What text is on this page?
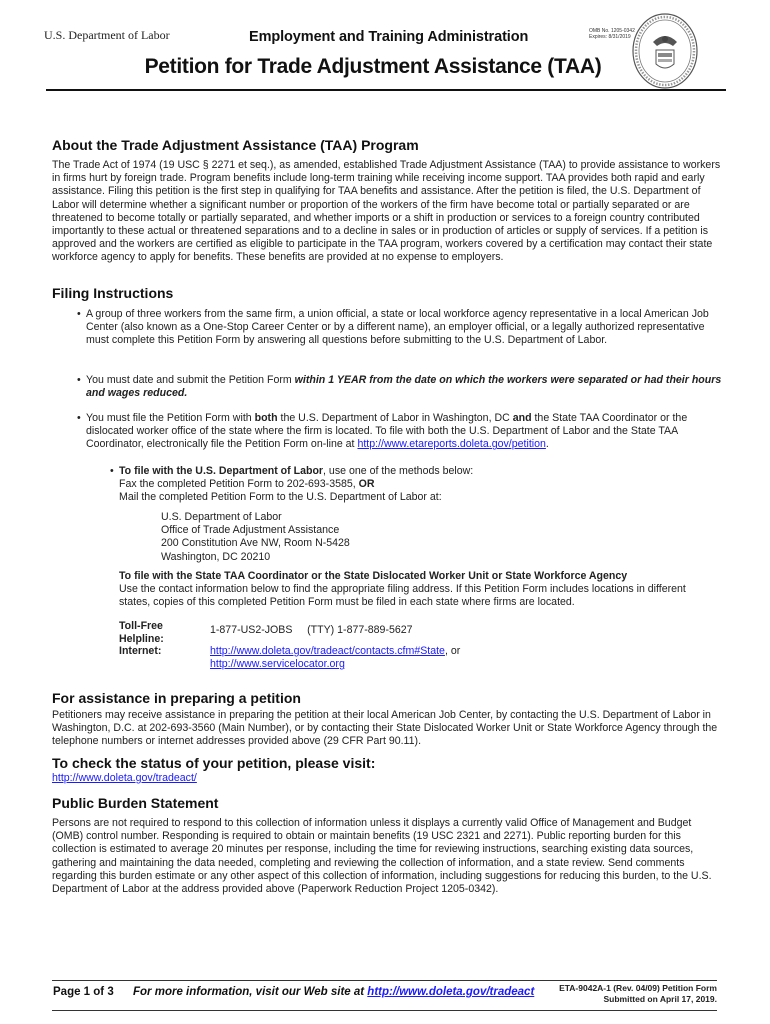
U.S. Department of Labor	Employment and Training Administration	OMB No. 1205-0342
Expires: 8/31/2019
Petition for Trade Adjustment Assistance (TAA)
About the Trade Adjustment Assistance (TAA) Program
The Trade Act of 1974 (19 USC § 2271 et seq.), as amended, established Trade Adjustment Assistance (TAA) to provide assistance to workers in firms hurt by foreign trade. Program benefits include long-term training while receiving income support. TAA provides both rapid and early assistance. Filing this petition is the first step in qualifying for TAA benefits and assistance. After the petition is filed, the U.S. Department of Labor will determine whether a significant number or proportion of the workers of the firm have become total or partially separated or are threatened to become totally or partially separated, and whether imports or a shift in production or services to a foreign country contributed importantly to these actual or threatened separations and to a decline in sales or in production of articles or supply of services. If a petition is approved and the workers are certified as eligible to participate in the TAA program, workers covered by a certification may contact their state workforce agency to apply for benefits. These benefits are provided at no expense to employers.
Filing Instructions
• A group of three workers from the same firm, a union official, a state or local workforce agency representative in a local American Job Center (also known as a One-Stop Career Center or by a different name), an employer official, or a legally authorized representative must complete this Petition Form by answering all questions before submitting to the U.S. Department of Labor.
• You must date and submit the Petition Form within 1 YEAR from the date on which the workers were separated or had their hours and wages reduced.
• You must file the Petition Form with both the U.S. Department of Labor in Washington, DC and the State TAA Coordinator or the dislocated worker office of the state where the firm is located. To file with both the U.S. Department of Labor and the State TAA Coordinator, electronically file the Petition Form on-line at http://www.etareports.doleta.gov/petition.
• To file with the U.S. Department of Labor, use one of the methods below:
Fax the completed Petition Form to 202-693-3585, OR
Mail the completed Petition Form to the U.S. Department of Labor at:
U.S. Department of Labor
Office of Trade Adjustment Assistance
200 Constitution Ave NW, Room N-5428
Washington, DC 20210
To file with the State TAA Coordinator or the State Dislocated Worker Unit or State Workforce Agency
Use the contact information below to find the appropriate filing address. If this Petition Form includes locations in different states, copies of this completed Petition Form must be filed in each state where firms are located.
Toll-Free Helpline:
1-877-US2-JOBS     (TTY) 1-877-889-5627
Internet:	http://www.doleta.gov/tradeact/contacts.cfm#State, or
http://www.servicelocator.org
For assistance in preparing a petition
Petitioners may receive assistance in preparing the petition at their local American Job Center, by contacting the U.S. Department of Labor in Washington, D.C. at 202-693-3560 (Main Number), or by contacting their State Dislocated Worker Unit or State Workforce Agency through the telephone numbers or internet addresses provided above (29 CFR Part 90.11).
To check the status of your petition, please visit:
http://www.doleta.gov/tradeact/
Public Burden Statement
Persons are not required to respond to this collection of information unless it displays a currently valid Office of Management and Budget (OMB) control number. Responding is required to obtain or maintain benefits (19 USC 2321 and 2271). Public reporting burden for this collection is estimated to average 20 minutes per response, including the time for reviewing instructions, searching existing data sources, gathering and maintaining the data needed, completing and reviewing the collection of information, and a state review. Send comments regarding this burden estimate or any other aspect of this collection of information, including suggestions for reducing this burden, to the U.S. Department of Labor at the address provided above (Paperwork Reduction Project 1205-0342).
Page 1 of 3 For more information, visit our Web site at http://www.doleta.gov/tradeact	ETA-9042A-1 (Rev. 04/09) Petition Form
Submitted on April 17, 2019.
